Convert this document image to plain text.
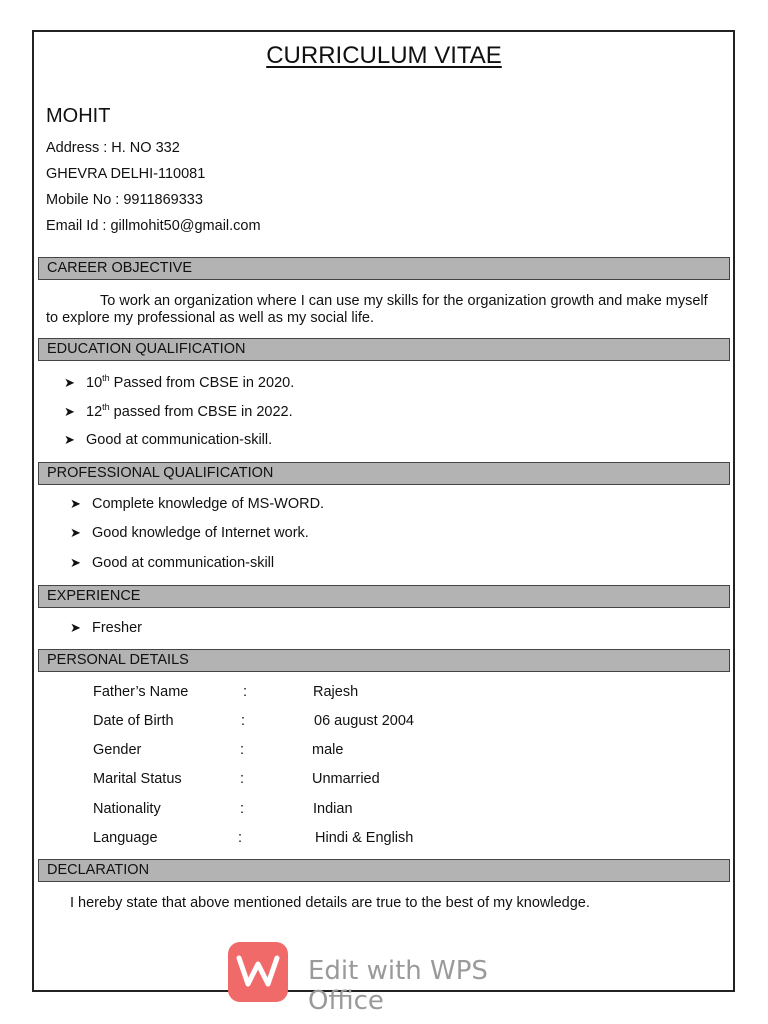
CURRICULUM VITAE
MOHIT
Address : H. NO 332
GHEVRA DELHI-110081
Mobile No : 9911869333
Email Id : gillmohit50@gmail.com
CAREER OBJECTIVE
To work an organization where I can use my skills for the organization growth and make myself to explore my professional as well as my social life.
EDUCATION QUALIFICATION
➤ 10th Passed from CBSE in 2020.
➤ 12th passed from CBSE in 2022.
➤ Good at communication-skill.
PROFESSIONAL QUALIFICATION
➤ Complete knowledge of MS-WORD.
➤ Good knowledge of Internet work.
➤ Good at communication-skill
EXPERIENCE
➤ Fresher
PERSONAL DETAILS
Father’s Name	:	Rajesh
Date of Birth	:	06 august 2004
Gender	:	male
Marital Status	:	Unmarried
Nationality	:	Indian
Language	:	Hindi & English
DECLARATION
I hereby state that above mentioned details are true to the best of my knowledge.
Edit with WPS Office
